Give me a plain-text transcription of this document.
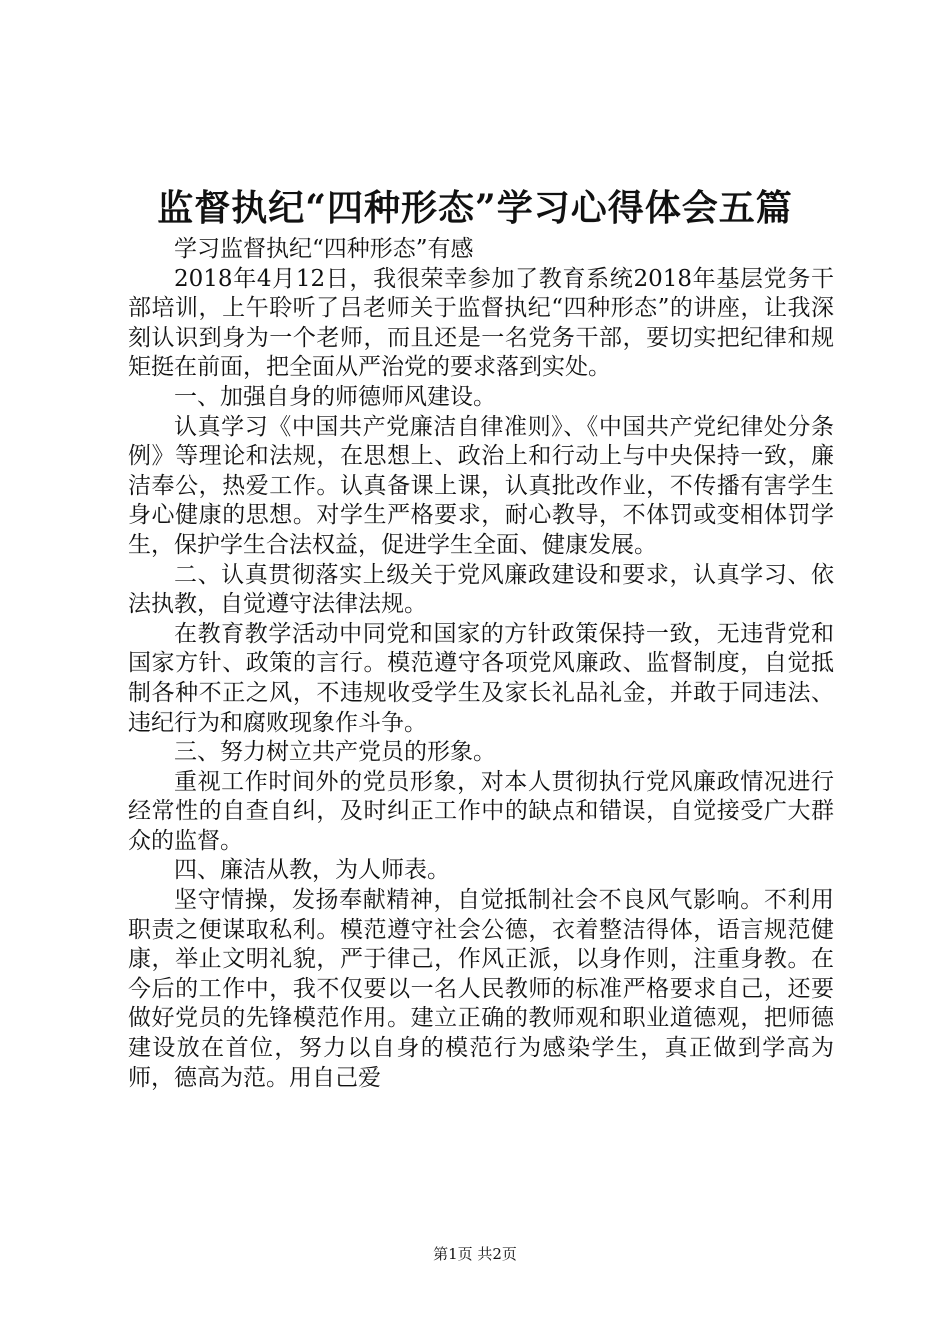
监督执纪“四种形态”学习心得体会五篇

学习监督执纪“四种形态”有感

2018年4月12日，我很荣幸参加了教育系统2018年基层党务干部培训，上午聆听了吕老师关于监督执纪“四种形态”的讲座，让我深刻认识到身为一个老师，而且还是一名党务干部，要切实把纪律和规矩挺在前面，把全面从严治党的要求落到实处。

一、加强自身的师德师风建设。

认真学习《中国共产党廉洁自律准则》、《中国共产党纪律处分条例》等理论和法规，在思想上、政治上和行动上与中央保持一致，廉洁奉公，热爱工作。认真备课上课，认真批改作业，不传播有害学生身心健康的思想。对学生严格要求，耐心教导，不体罚或变相体罚学生，保护学生合法权益，促进学生全面、健康发展。

二、认真贯彻落实上级关于党风廉政建设和要求，认真学习、依法执教，自觉遵守法律法规。

在教育教学活动中同党和国家的方针政策保持一致，无违背党和国家方针、政策的言行。模范遵守各项党风廉政、监督制度，自觉抵制各种不正之风，不违规收受学生及家长礼品礼金，并敢于同违法、违纪行为和腐败现象作斗争。

三、努力树立共产党员的形象。

重视工作时间外的党员形象，对本人贯彻执行党风廉政情况进行经常性的自查自纠，及时纠正工作中的缺点和错误，自觉接受广大群众的监督。

四、廉洁从教，为人师表。

坚守情操，发扬奉献精神，自觉抵制社会不良风气影响。不利用职责之便谋取私利。模范遵守社会公德，衣着整洁得体，语言规范健康，举止文明礼貌，严于律己，作风正派，以身作则，注重身教。在今后的工作中，我不仅要以一名人民教师的标准严格要求自己，还要做好党员的先锋模范作用。建立正确的教师观和职业道德观，把师德建设放在首位，努力以自身的模范行为感染学生，真正做到学高为师，德高为范。用自己爱

第1页 共2页
